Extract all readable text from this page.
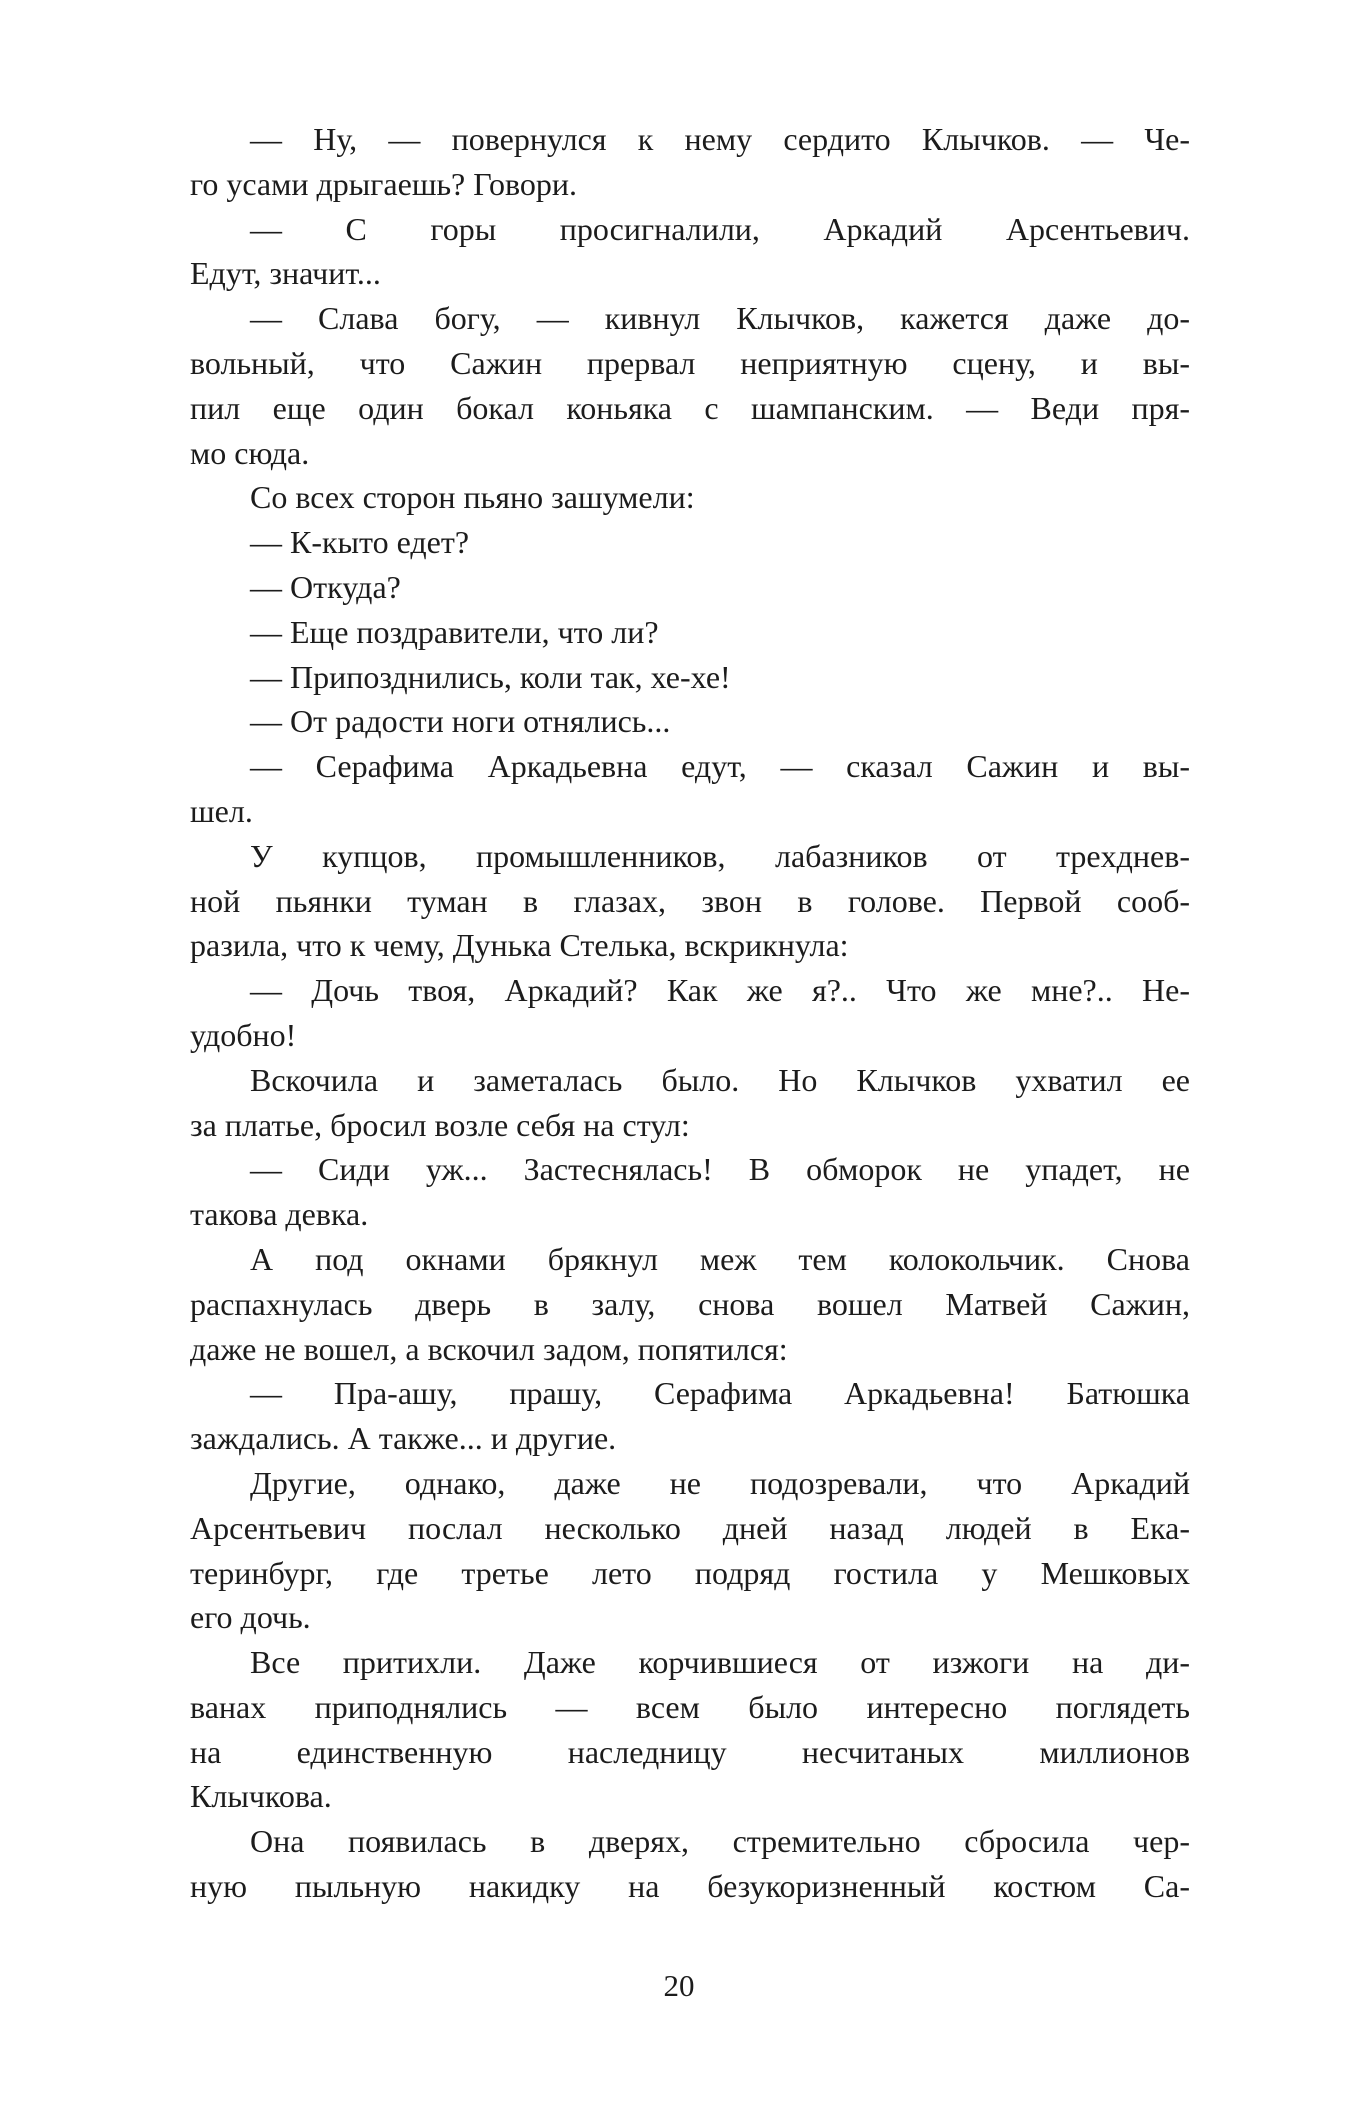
— Ну, — повернулся к нему сердито Клычков. — Че-
го усами дрыгаешь? Говори.
— С горы просигналили, Аркадий Арсентьевич.
Едут, значит...
— Слава богу, — кивнул Клычков, кажется даже до-
вольный, что Сажин прервал неприятную сцену, и вы-
пил еще один бокал коньяка с шампанским. — Веди пря-
мо сюда.
Со всех сторон пьяно зашумели:
— К-кыто едет?
— Откуда?
— Еще поздравители, что ли?
— Припозднились, коли так, хе-хе!
— От радости ноги отнялись...
— Серафима Аркадьевна едут, — сказал Сажин и вы-
шел.
У купцов, промышленников, лабазников от треxднев-
ной пьянки туман в глазах, звон в голове. Первой сооб-
разила, что к чему, Дунька Стелька, вскрикнула:
— Дочь твоя, Аркадий? Как же я?.. Что же мне?.. Не-
удобно!
Вскочила и заметалась было. Но Клычков ухватил ее
за платье, бросил возле себя на стул:
— Сиди уж... Застеснялась! В обморок не упадет, не
такова девка.
А под окнами брякнул меж тем колокольчик. Снова
распахнулась дверь в залу, снова вошел Матвей Сажин,
даже не вошел, а вскочил задом, попятился:
— Пра-ашу, прашу, Серафима Аркадьевна! Батюшка
заждались. А также... и другие.
Другие, однако, даже не подозревали, что Аркадий
Арсентьевич послал несколько дней назад людей в Ека-
теринбург, где третье лето подряд гостила у Мешковых
его дочь.
Все притихли. Даже корчившиеся от изжоги на ди-
ванах приподнялись — всем было интересно поглядеть
на единственную наследницу несчитаных миллионов
Клычкова.
Она появилась в дверях, стремительно сбросила чер-
ную пыльную накидку на безукоризненный костюм Са-
20
